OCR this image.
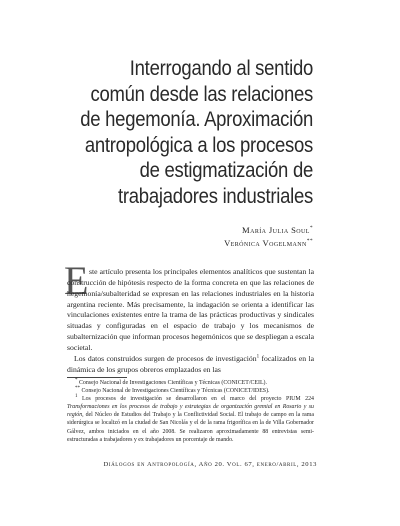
Interrogando al sentido
común desde las relaciones
de hegemonía. Aproximación
antropológica a los procesos
de estigmatización de
trabajadores industriales
María Julia Soul*
Verónica Vogelmann**
E ste artículo presenta los principales elementos analíticos que sustentan la construcción de hipótesis respecto de la forma concreta en que las relaciones de hegemonía/subalteridad se expresan en las relaciones industriales en la historia argentina reciente. Más precisamente, la indagación se orienta a identificar las vinculaciones existentes entre la trama de las prácticas productivas y sindicales situadas y configuradas en el espacio de trabajo y los mecanismos de subalternización que informan procesos hegemónicos que se despliegan a escala societal.

Los datos construidos surgen de procesos de investigación$^1$ focalizados en la dinámica de los grupos obreros emplazados en las

* Consejo Nacional de Investigaciones Científicas y Técnicas (CONICET/CEIL).

** Consejo Nacional de Investigaciones Científicas y Técnicas (CONICET/IDES).

$^1$ Los procesos de investigación se desarrollaron en el marco del proyecto PIUM 224 Transformaciones en los procesos de trabajo y estrategias de organización gremial en Rosario y su región, del Núcleo de Estudios del Trabajo y la Conflictividad Social. El trabajo de campo en la rama siderúrgica se localizó en la ciudad de San Nicolás y el de la rama frigorífica en la de Villa Gobernador Gálvez, ambos iniciados en el año 2008. Se realizaron aproximadamente 88 entrevistas semi-estructuradas a trabajadores y ex trabajadores un porcentaje de mando.

Diálogos en Antropología, Año 20. Vol. 67, enero/abril, 2013
